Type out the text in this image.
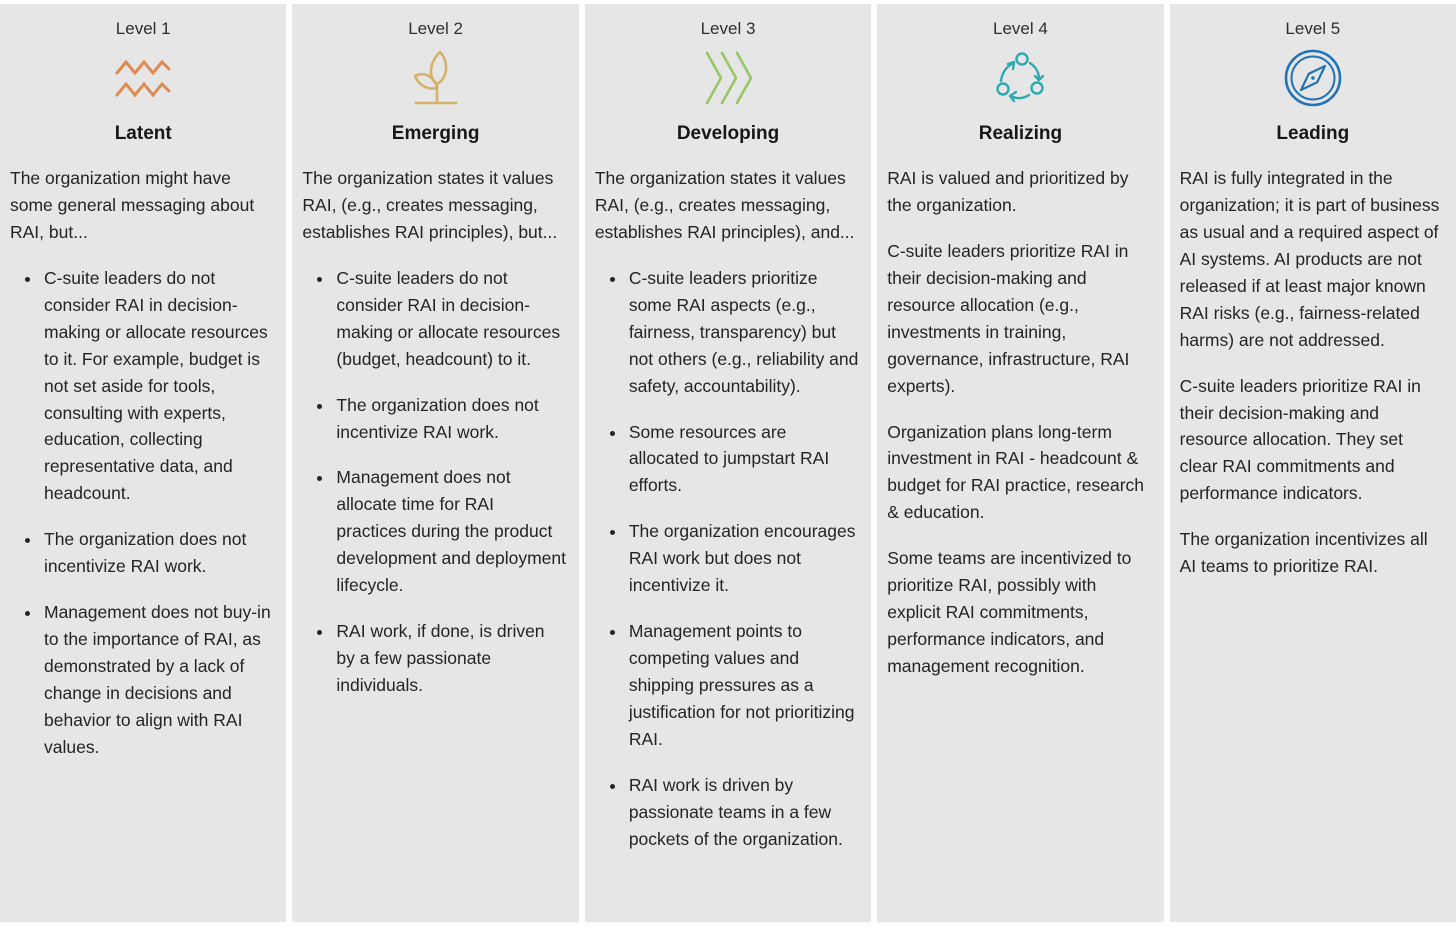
Level 1
Latent

The organization might have some general messaging about RAI, but...

• C-suite leaders do not consider RAI in decision-making or allocate resources to it. For example, budget is not set aside for tools, consulting with experts, education, collecting representative data, and headcount.
• The organization does not incentivize RAI work.
• Management does not buy-in to the importance of RAI, as demonstrated by a lack of change in decisions and behavior to align with RAI values.
Level 2
Emerging

The organization states it values RAI, (e.g., creates messaging, establishes RAI principles), but...

• C-suite leaders do not consider RAI in decision-making or allocate resources (budget, headcount) to it.
• The organization does not incentivize RAI work.
• Management does not allocate time for RAI practices during the product development and deployment lifecycle.
• RAI work, if done, is driven by a few passionate individuals.
Level 3
Developing

The organization states it values RAI, (e.g., creates messaging, establishes RAI principles), and...

• C-suite leaders prioritize some RAI aspects (e.g., fairness, transparency) but not others (e.g., reliability and safety, accountability).
• Some resources are allocated to jumpstart RAI efforts.
• The organization encourages RAI work but does not incentivize it.
• Management points to competing values and shipping pressures as a justification for not prioritizing RAI.
• RAI work is driven by passionate teams in a few pockets of the organization.
Level 4
Realizing

RAI is valued and prioritized by the organization.

C-suite leaders prioritize RAI in their decision-making and resource allocation (e.g., investments in training, governance, infrastructure, RAI experts).

Organization plans long-term investment in RAI - headcount & budget for RAI practice, research & education.

Some teams are incentivized to prioritize RAI, possibly with explicit RAI commitments, performance indicators, and management recognition.

Level 5
Leading

RAI is fully integrated in the organization; it is part of business as usual and a required aspect of AI systems. AI products are not released if at least major known RAI risks (e.g., fairness-related harms) are not addressed.

C-suite leaders prioritize RAI in their decision-making and resource allocation. They set clear RAI commitments and performance indicators.

The organization incentivizes all AI teams to prioritize RAI.
